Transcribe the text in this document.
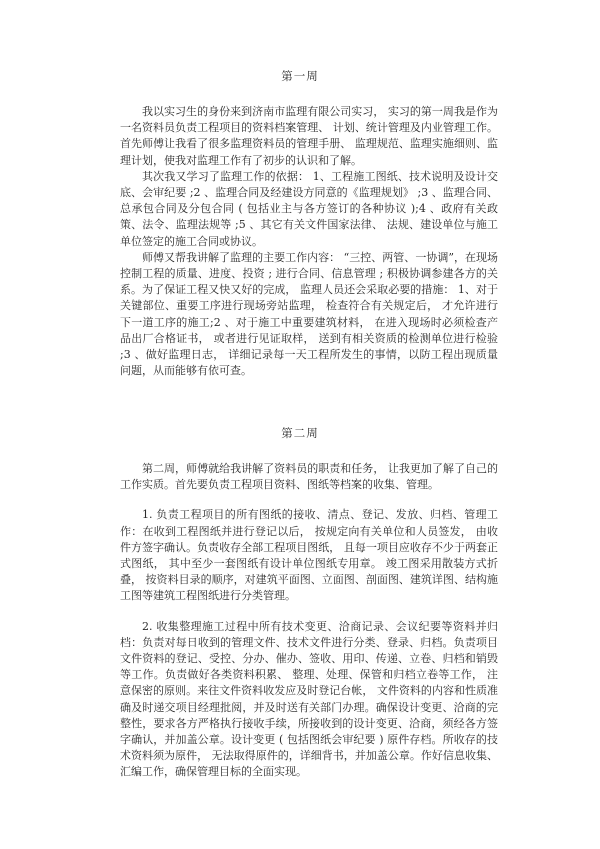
第一周

我以实习生的身份来到济南市监理有限公司实习， 实习的第一周我是作为一名资料员负责工程项目的资料档案管理、 计划、统计管理及内业管理工作。 首先师傅让我看了很多监理资料员的管理手册、 监理规范、监理实施细则、监理计划，使我对监理工作有了初步的认识和了解。

其次我又学习了监理工作的依据： 1、工程施工图纸、技术说明及设计交底、会审纪要 ;2 、监理合同及经建设方同意的《监理规划》 ;3 、监理合同、总承包合同及分包合同 ( 包括业主与各方签订的各种协议 );4 、政府有关政策、法令、监理法规等 ;5 、其它有关文件国家法律、 法规、建设单位与施工单位签定的施工合同或协议。

师傅又帮我讲解了监理的主要工作内容： “三控、两管、一协调”，在现场控制工程的质量、进度、投资 ; 进行合同、信息管理 ; 积极协调参建各方的关系。为了保证工程又快又好的完成， 监理人员还会采取必要的措施： 1、对于关键部位、重要工序进行现场旁站监理， 检查符合有关规定后， 才允许进行下一道工序的施工;2 、对于施工中重要建筑材料， 在进入现场时必须检查产品出厂合格证书， 或者进行见证取样， 送到有相关资质的检测单位进行检验 ;3 、做好监理日志， 详细记录每一天工程所发生的事情，以防工程出现质量问题，从而能够有依可查。

第二周

第二周，师傅就给我讲解了资料员的职责和任务， 让我更加了解了自己的工作实质。首先要负责工程项目资料、图纸等档案的收集、管理。

1. 负责工程项目的所有图纸的接收、清点、登记、发放、归档、管理工作：在收到工程图纸并进行登记以后， 按规定向有关单位和人员签发， 由收件方签字确认。负责收存全部工程项目图纸， 且每一项目应收存不少于两套正式图纸， 其中至少一套图纸有设计单位图纸专用章。 竣工图采用散装方式折叠， 按资料目录的顺序，对建筑平面图、立面图、剖面图、建筑详图、结构施工图等建筑工程图纸进行分类管理。

2. 收集整理施工过程中所有技术变更、洽商记录、会议纪要等资料并归档：负责对每日收到的管理文件、技术文件进行分类、登录、归档。负责项目文件资料的登记、受控、分办、催办、签收、用印、传递、立卷、归档和销毁等工作。负责做好各类资料积累、 整理、处理、保管和归档立卷等工作， 注意保密的原则。来往文件资料收发应及时登记台帐， 文件资料的内容和性质准确及时递交项目经理批阅，并及时送有关部门办理。确保设计变更、洽商的完整性，要求各方严格执行接收手续，所接收到的设计变更、洽商，须经各方签字确认，并加盖公章。设计变更 ( 包括图纸会审纪要 ) 原件存档。所收存的技术资料须为原件， 无法取得原件的，详细背书，并加盖公章。作好信息收集、汇编工作，确保管理目标的全面实现。
